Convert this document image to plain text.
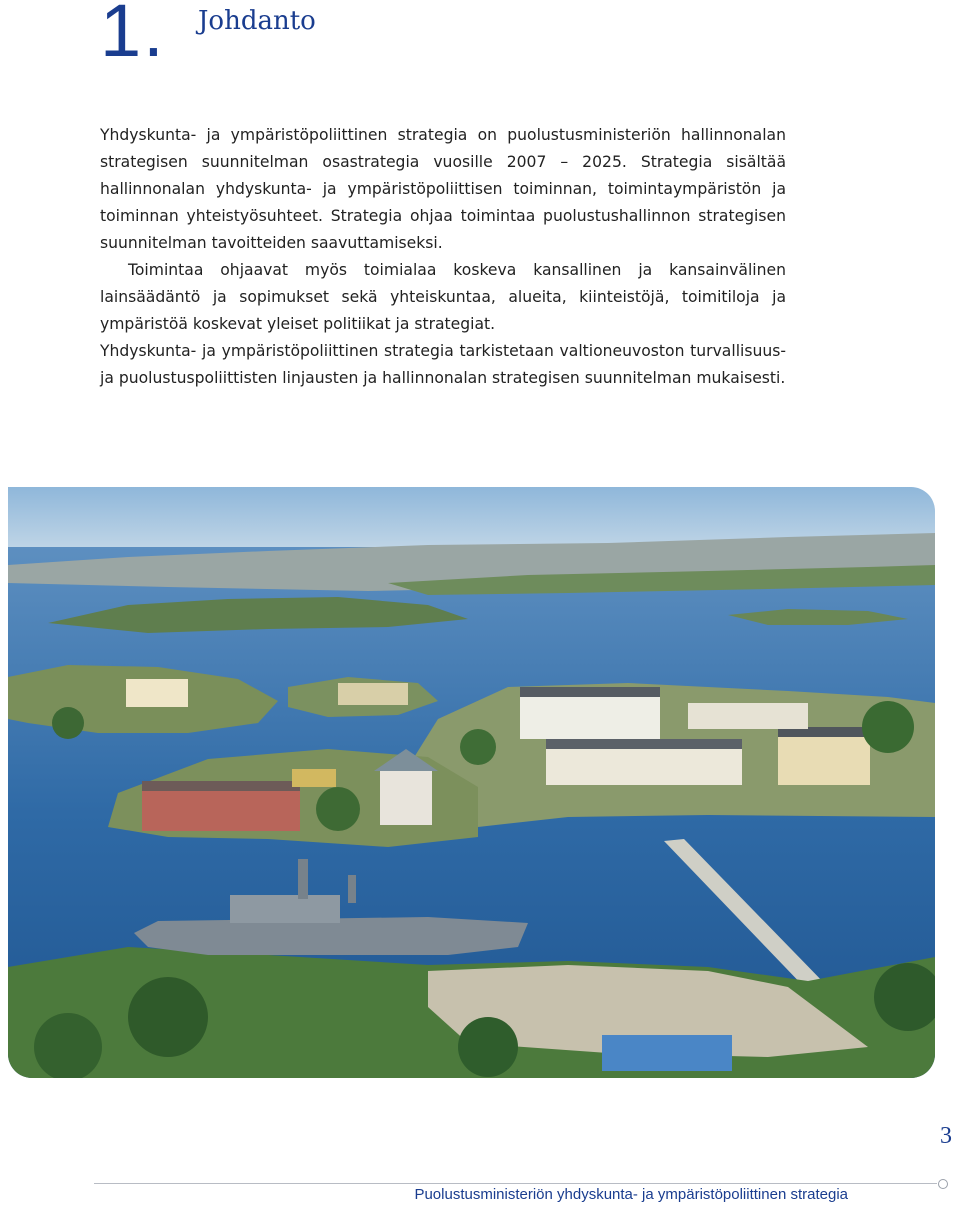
1. Johdanto

Yhdyskunta- ja ympäristöpoliittinen strategia on puolustusministeriön hallinnonalan strategisen suunnitelman osastrategia vuosille 2007 – 2025. Strategia sisältää hallinnonalan yhdyskunta- ja ympäristöpoliittisen toiminnan, toimintaympäristön ja toiminnan yhteistyösuhteet. Strategia ohjaa toimintaa puolustushallinnon strategisen suunnitelman tavoitteiden saavuttamiseksi.

Toimintaa ohjaavat myös toimialaa koskeva kansallinen ja kansainvälinen lainsäädäntö ja sopimukset sekä yhteiskuntaa, alueita, kiinteistöjä, toimitiloja ja ympäristöä koskevat yleiset politiikat ja strategiat.

Yhdyskunta- ja ympäristöpoliittinen strategia tarkistetaan valtioneuvoston turvallisuus- ja puolustuspoliittisten linjausten ja hallinnonalan strategisen suunnitelman mukaisesti.

3
Puolustusministeriön yhdyskunta- ja ympäristöpoliittinen strategia
